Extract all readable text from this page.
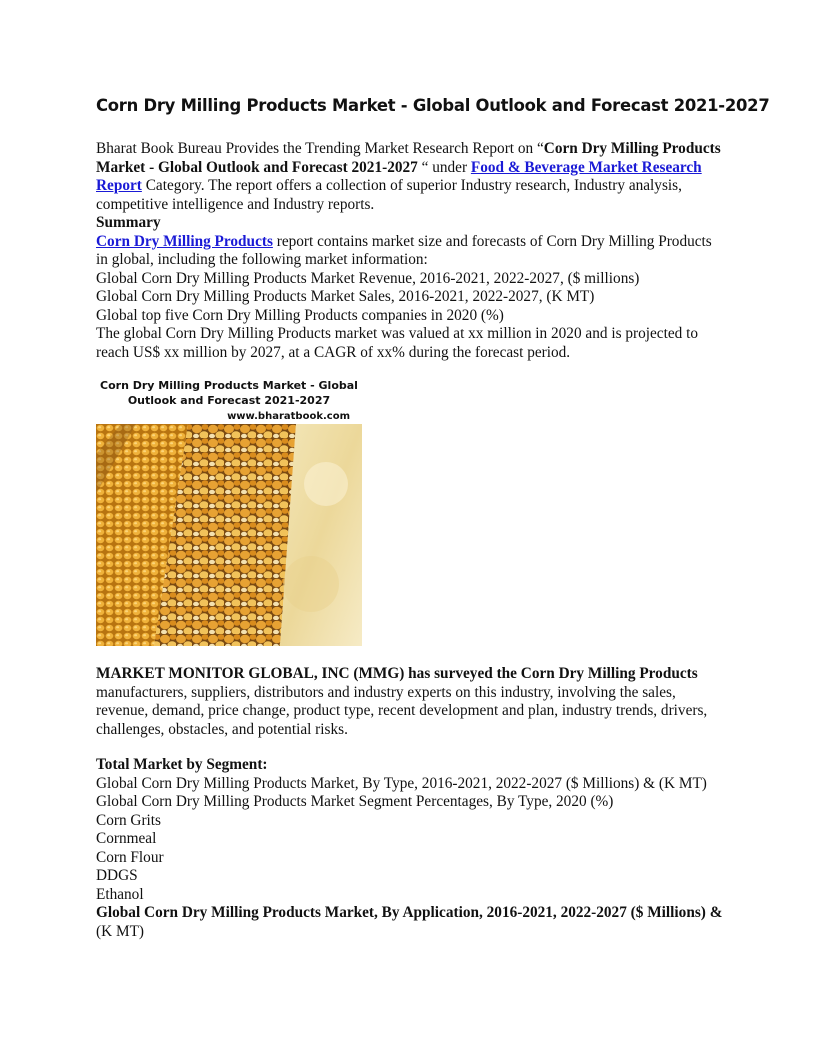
Corn Dry Milling Products Market - Global Outlook and Forecast 2021-2027

Bharat Book Bureau Provides the Trending Market Research Report on “Corn Dry Milling Products Market - Global Outlook and Forecast 2021-2027 “ under Food & Beverage Market Research Report Category. The report offers a collection of superior Industry research, Industry analysis, competitive intelligence and Industry reports.

Summary
Corn Dry Milling Products report contains market size and forecasts of Corn Dry Milling Products in global, including the following market information:
Global Corn Dry Milling Products Market Revenue, 2016-2021, 2022-2027, ($ millions)
Global Corn Dry Milling Products Market Sales, 2016-2021, 2022-2027, (K MT)
Global top five Corn Dry Milling Products companies in 2020 (%)
The global Corn Dry Milling Products market was valued at xx million in 2020 and is projected to reach US$ xx million by 2027, at a CAGR of xx% during the forecast period.
Corn Dry Milling Products Market - Global
Outlook and Forecast 2021-2027
www.bharatbook.com

MARKET MONITOR GLOBAL, INC (MMG) has surveyed the Corn Dry Milling Products manufacturers, suppliers, distributors and industry experts on this industry, involving the sales, revenue, demand, price change, product type, recent development and plan, industry trends, drivers, challenges, obstacles, and potential risks.

Total Market by Segment:
Global Corn Dry Milling Products Market, By Type, 2016-2021, 2022-2027 ($ Millions) & (K MT)
Global Corn Dry Milling Products Market Segment Percentages, By Type, 2020 (%)
Corn Grits
Cornmeal
Corn Flour
DDGS
Ethanol
Global Corn Dry Milling Products Market, By Application, 2016-2021, 2022-2027 ($ Millions) & (K MT)
